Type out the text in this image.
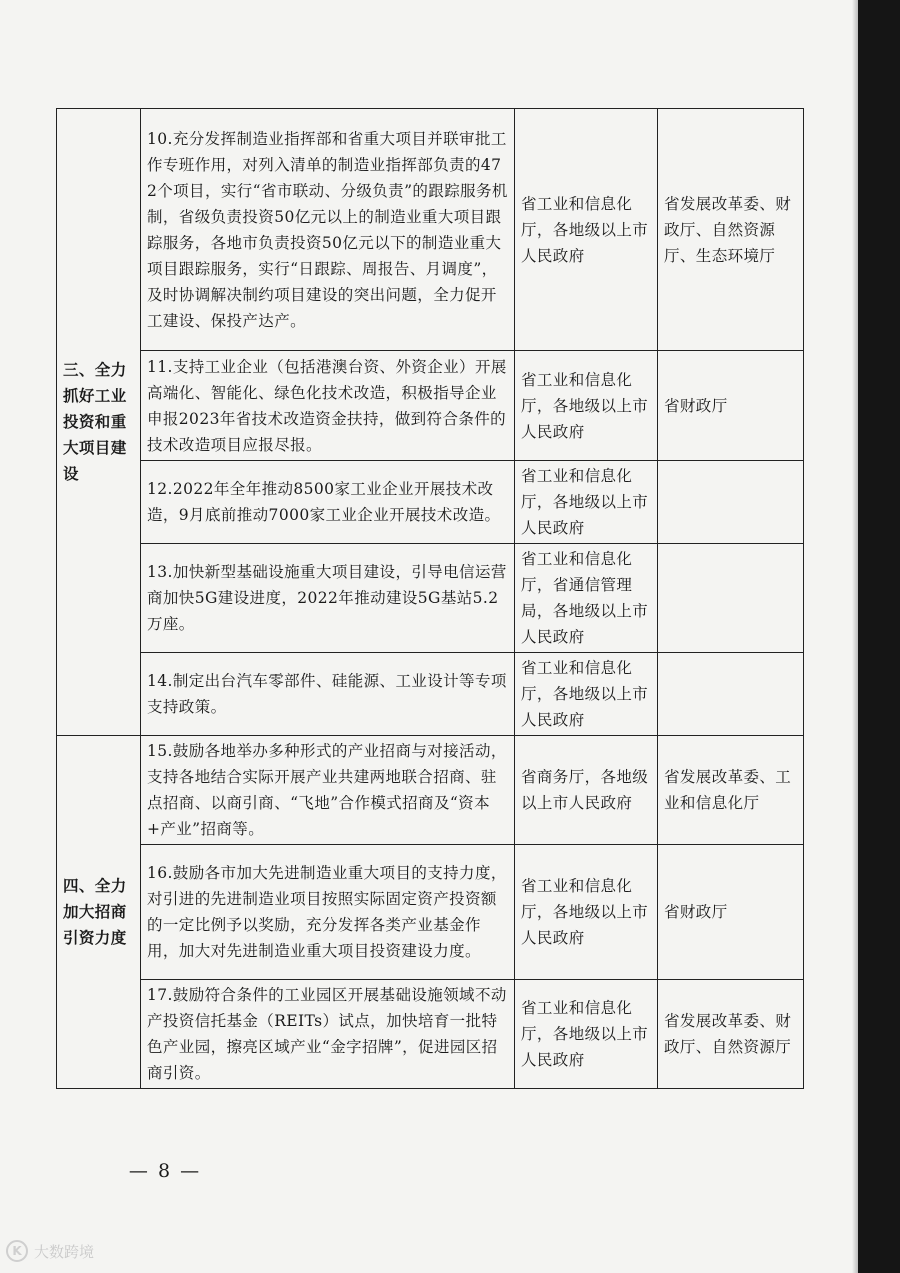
三、全力抓好工业投资和重大项目建设	10.充分发挥制造业指挥部和省重大项目并联审批工作专班作用，对列入清单的制造业指挥部负责的472个项目，实行“省市联动、分级负责”的跟踪服务机制，省级负责投资50亿元以上的制造业重大项目跟踪服务，各地市负责投资50亿元以下的制造业重大项目跟踪服务，实行“日跟踪、周报告、月调度”，及时协调解决制约项目建设的突出问题，全力促开工建设、保投产达产。	省工业和信息化厅，各地级以上市人民政府	省发展改革委、财政厅、自然资源厅、生态环境厅
	11.支持工业企业（包括港澳台资、外资企业）开展高端化、智能化、绿色化技术改造，积极指导企业申报2023年省技术改造资金扶持，做到符合条件的技术改造项目应报尽报。	省工业和信息化厅，各地级以上市人民政府	省财政厅
	12.2022年全年推动8500家工业企业开展技术改造，9月底前推动7000家工业企业开展技术改造。	省工业和信息化厅，各地级以上市人民政府	
	13.加快新型基础设施重大项目建设，引导电信运营商加快5G建设进度，2022年推动建设5G基站5.2万座。	省工业和信息化厅，省通信管理局，各地级以上市人民政府	
	14.制定出台汽车零部件、硅能源、工业设计等专项支持政策。	省工业和信息化厅，各地级以上市人民政府	
四、全力加大招商引资力度	15.鼓励各地举办多种形式的产业招商与对接活动，支持各地结合实际开展产业共建两地联合招商、驻点招商、以商引商、“飞地”合作模式招商及“资本+产业”招商等。	省商务厅，各地级以上市人民政府	省发展改革委、工业和信息化厅
	16.鼓励各市加大先进制造业重大项目的支持力度，对引进的先进制造业项目按照实际固定资产投资额的一定比例予以奖励，充分发挥各类产业基金作用，加大对先进制造业重大项目投资建设力度。	省工业和信息化厅，各地级以上市人民政府	省财政厅
	17.鼓励符合条件的工业园区开展基础设施领域不动产投资信托基金（REITs）试点，加快培育一批特色产业园，擦亮区域产业“金字招牌”，促进园区招商引资。	省工业和信息化厅，各地级以上市人民政府	省发展改革委、财政厅、自然资源厅
— 8 —
K 大数跨境
